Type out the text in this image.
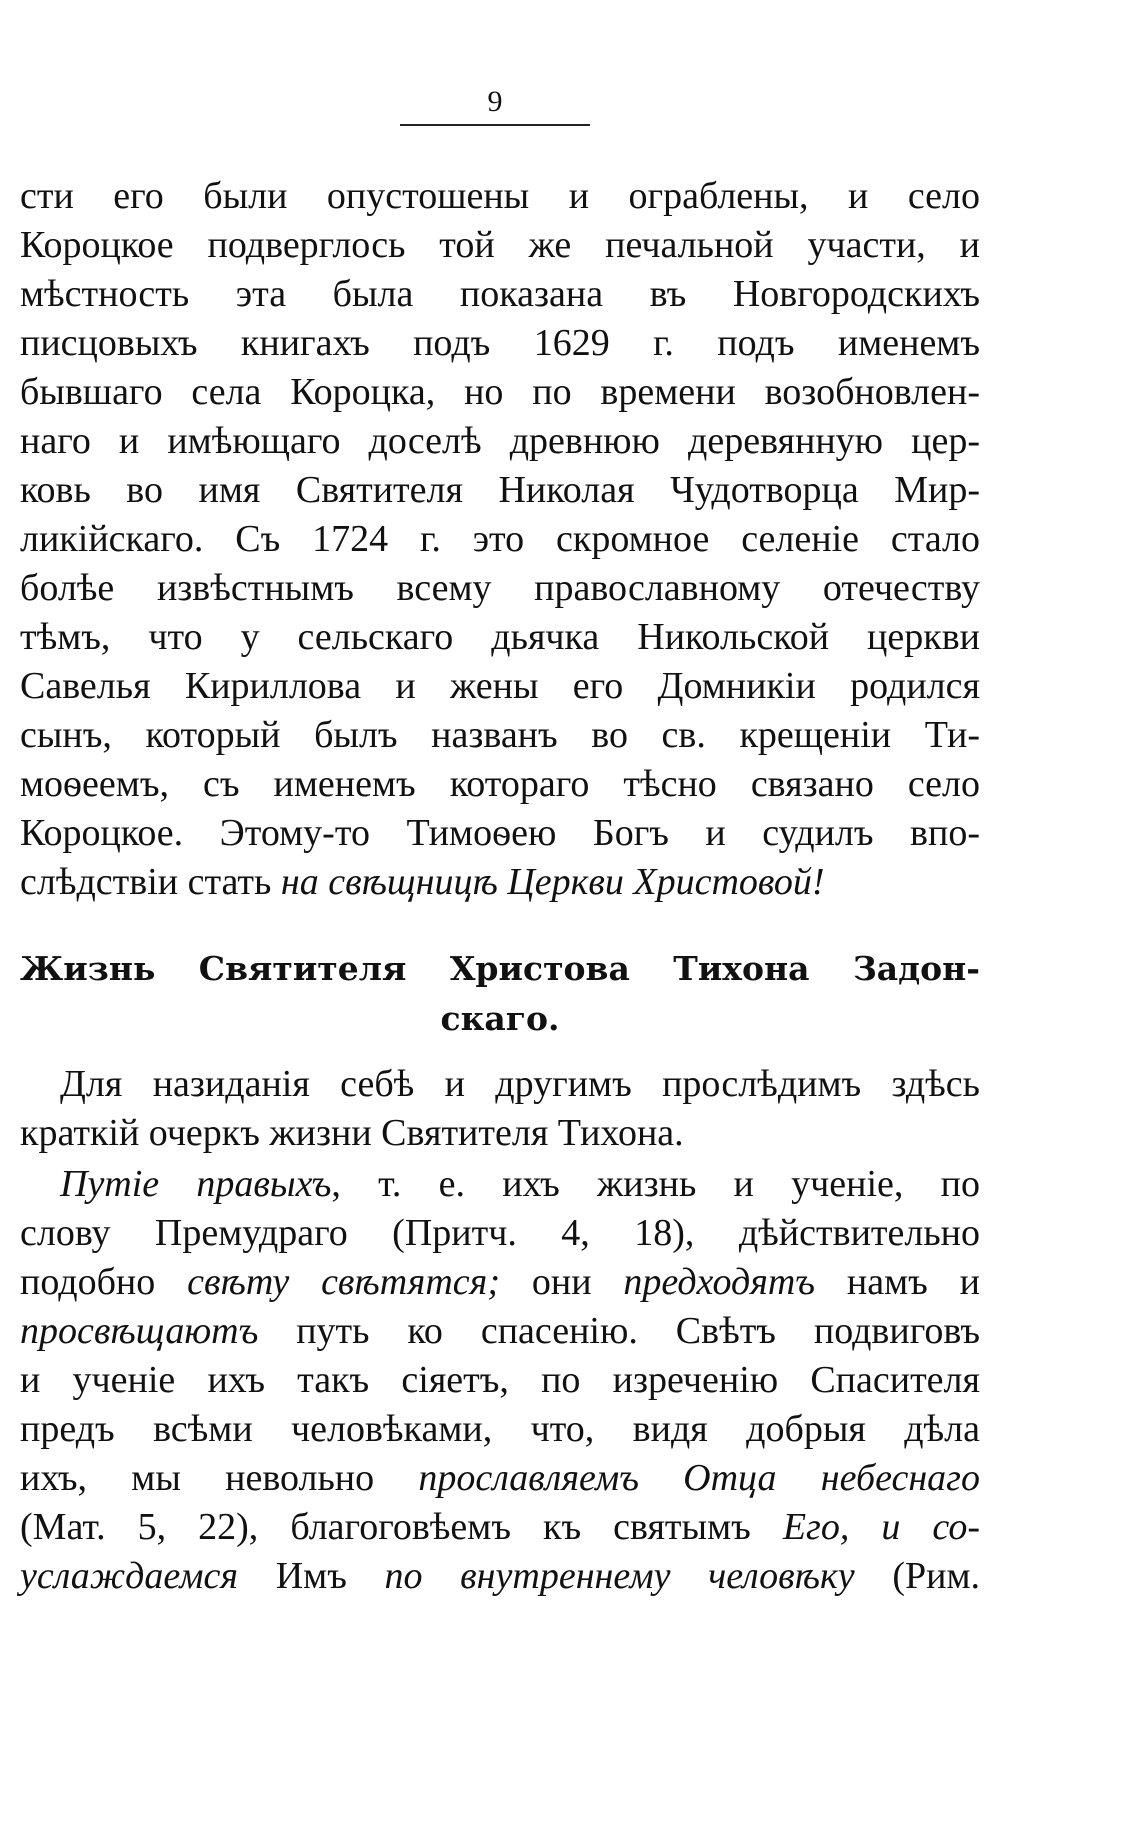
9
сти его были опустошены и ограблены, и село
Короцкое подверглось той же печальной участи, и
мѣстность эта была показана въ Новгородскихъ
писцовыхъ книгахъ подъ 1629 г. подъ именемъ
бывшаго села Короцка, но по времени возобновлен-
наго и имѣющаго доселѣ древнюю деревянную цер-
ковь во имя Святителя Николая Чудотворца Мир-
ликiйскаго. Съ 1724 г. это скромное селенiе стало
болѣе извѣстнымъ всему православному отечеству
тѣмъ, что у сельскаго дьячка Никольской церкви
Савелья Кириллова и жены его Домникiи родился
сынъ, который былъ названъ во св. крещенiи Ти-
моѳеемъ, съ именемъ котораго тѣсно связано село
Короцкое. Этому-то Тимоѳею Богъ и судилъ впо-
слѣдствiи стать на свѣщницѣ Церкви Христовой!
Жизнь Святителя Христова Тихона Задон-
скаго.
Для назиданiя себѣ и другимъ прослѣдимъ здѣсь
краткiй очеркъ жизни Святителя Тихона.
Путiе правыхъ, т. е. ихъ жизнь и ученiе, по
слову Премудраго (Притч. 4, 18), дѣйствительно
подобно свѣту свѣтятся; они предходятъ намъ и
просвѣщаютъ путь ко спасенiю. Свѣтъ подвиговъ
и ученiе ихъ такъ сiяетъ, по изреченiю Спасителя
предъ всѣми человѣками, что, видя добрыя дѣла
ихъ, мы невольно прославляемъ Отца небеснаго
(Мат. 5, 22), благоговѣемъ къ святымъ Его, и со-
услаждаемся Имъ по внутреннему человѣку (Рим.
